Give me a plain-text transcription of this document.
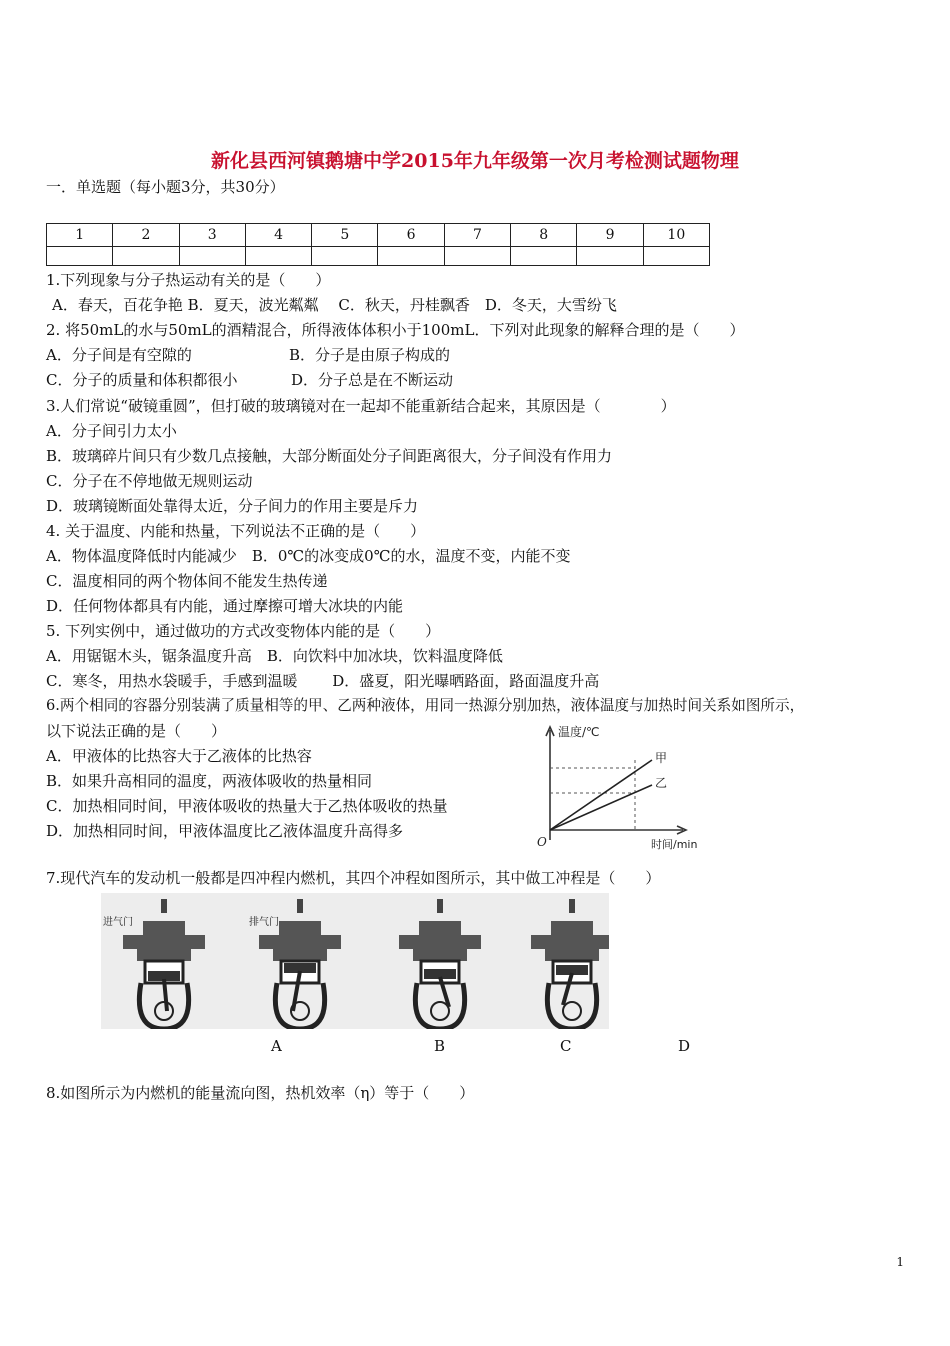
新化县西河镇鹅塘中学2015年九年级第一次月考检测试题物理
一．单选题（每小题3分，共30分）
1	2	3	4	5	6	7	8	9	10

1.下列现象与分子热运动有关的是（　　）
A．春天，百花争艳 B．夏天，波光粼粼　 C．秋天，丹桂飘香　D．冬天，大雪纷飞
2. 将50mL的水与50mL的酒精混合，所得液体体积小于100mL．下列对此现象的解释合理的是（　　）
A．分子间是有空隙的	B．分子是由原子构成的
C．分子的质量和体积都很小	D．分子总是在不断运动
3.人们常说“破镜重圆”，但打破的玻璃镜对在一起却不能重新结合起来，其原因是（　　　　）
A．分子间引力太小
B．玻璃碎片间只有少数几点接触，大部分断面处分子间距离很大，分子间没有作用力
C．分子在不停地做无规则运动
D．玻璃镜断面处靠得太近，分子间力的作用主要是斥力
4. 关于温度、内能和热量，下列说法不正确的是（　　）
A．物体温度降低时内能减少　B．0℃的冰变成0℃的水，温度不变，内能不变
C．温度相同的两个物体间不能发生热传递
D．任何物体都具有内能，通过摩擦可增大冰块的内能
5. 下列实例中，通过做功的方式改变物体内能的是（　　）
A．用锯锯木头，锯条温度升高　B．向饮料中加冰块，饮料温度降低
C．寒冬，用热水袋暖手，手感到温暖　　 D．盛夏，阳光曝晒路面，路面温度升高
6.两个相同的容器分别装满了质量相等的甲、乙两种液体，用同一热源分别加热，液体温度与加热时间关系如图所示，
以下说法正确的是（　　）
A．甲液体的比热容大于乙液体的比热容
B．如果升高相同的温度，两液体吸收的热量相同
C．加热相同时间，甲液体吸收的热量大于乙热体吸收的热量
D．加热相同时间，甲液体温度比乙液体温度升高得多
温度/℃
甲
乙
O	时间/min
7.现代汽车的发动机一般都是四冲程内燃机，其四个冲程如图所示，其中做工冲程是（　　）
进气门	排气门
A	B	C	D
8.如图所示为内燃机的能量流向图，热机效率（η）等于（　　）
1
